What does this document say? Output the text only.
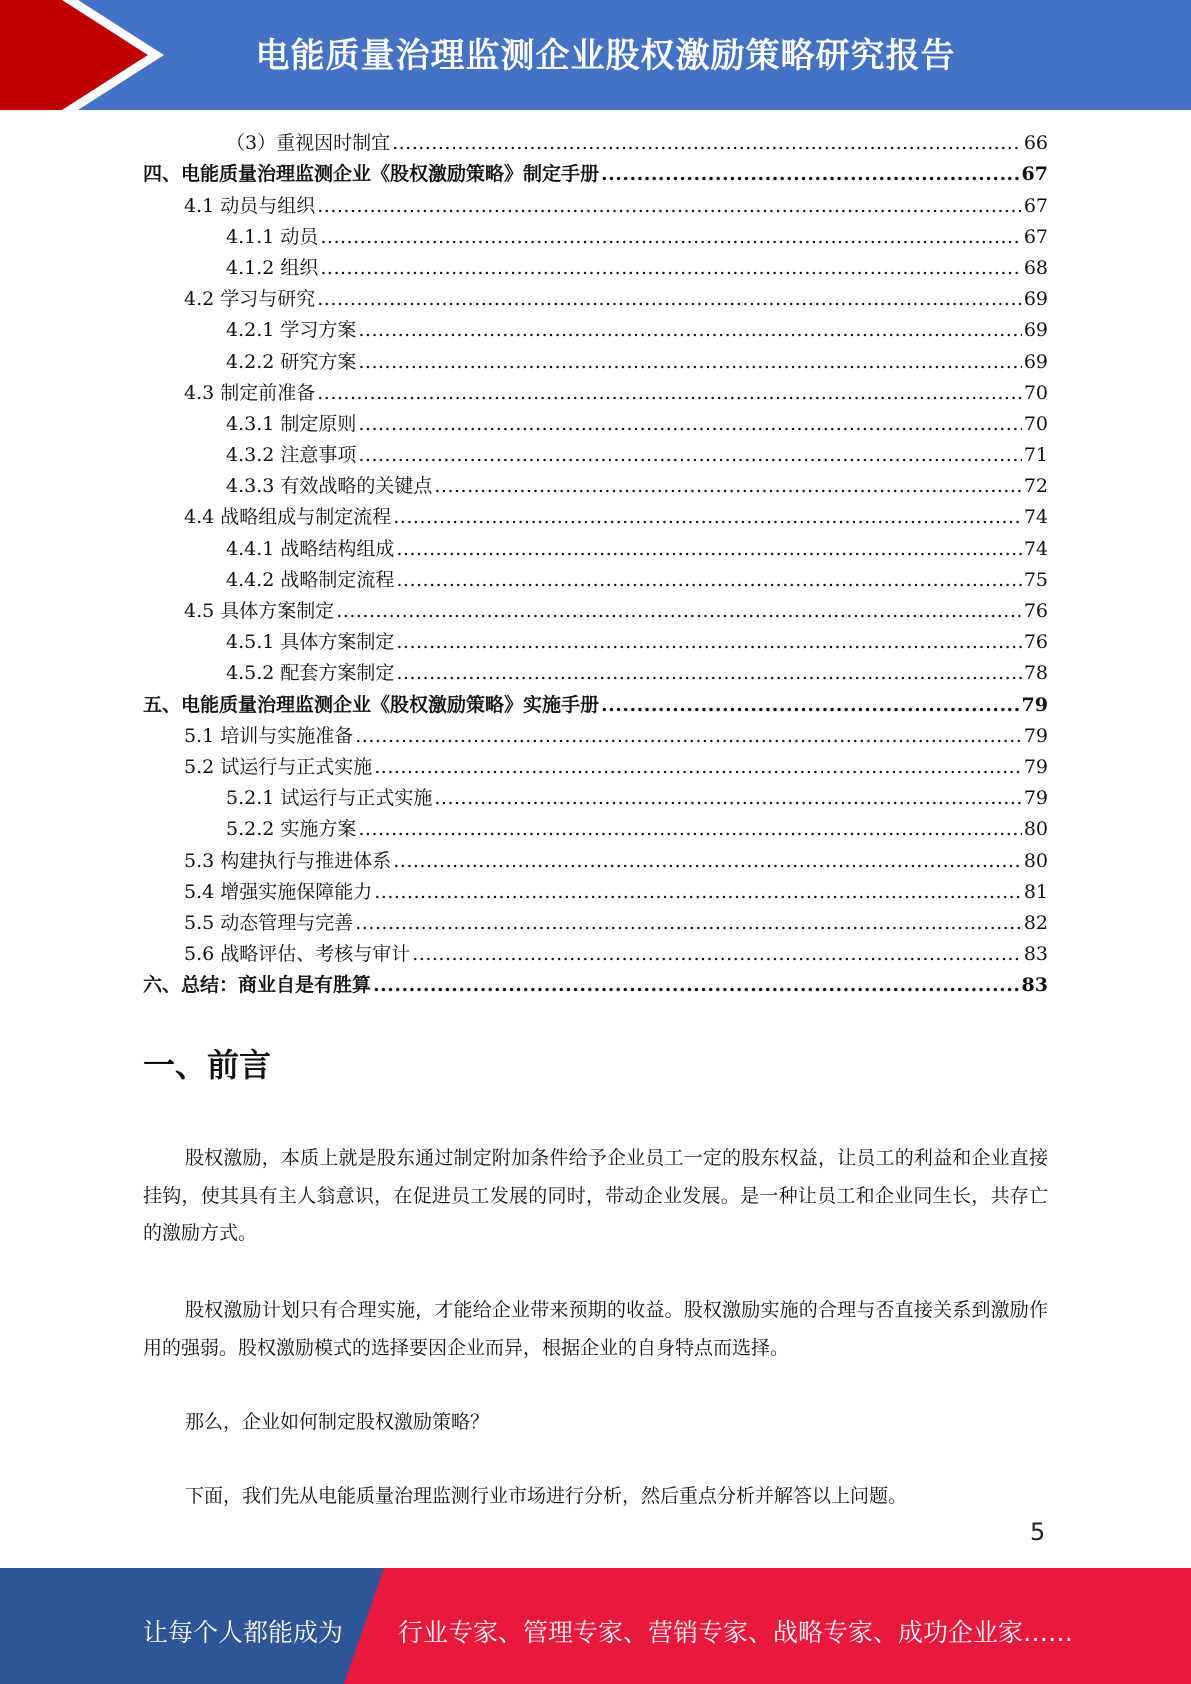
电能质量治理监测企业股权激励策略研究报告
（3）重视因时制宜 .....	66
四、电能质量治理监测企业《股权激励策略》制定手册 .....	67
4.1 动员与组织 .....	67
4.1.1 动员 .....	67
4.1.2 组织 .....	68
4.2 学习与研究 .....	69
4.2.1 学习方案 .....	69
4.2.2 研究方案 .....	69
4.3 制定前准备 .....	70
4.3.1 制定原则 .....	70
4.3.2 注意事项 .....	71
4.3.3 有效战略的关键点 .....	72
4.4 战略组成与制定流程 .....	74
4.4.1 战略结构组成 .....	74
4.4.2 战略制定流程 .....	75
4.5 具体方案制定 .....	76
4.5.1 具体方案制定 .....	76
4.5.2 配套方案制定 .....	78
五、电能质量治理监测企业《股权激励策略》实施手册 .....	79
5.1 培训与实施准备 .....	79
5.2 试运行与正式实施 .....	79
5.2.1 试运行与正式实施 .....	79
5.2.2 实施方案 .....	80
5.3 构建执行与推进体系 .....	80
5.4 增强实施保障能力 .....	81
5.5 动态管理与完善 .....	82
5.6 战略评估、考核与审计 .....	83
六、总结：商业自是有胜算 .....	83
一、前言
股权激励，本质上就是股东通过制定附加条件给予企业员工一定的股东权益，让员工的利益和企业直接挂钩，使其具有主人翁意识，在促进员工发展的同时，带动企业发展。是一种让员工和企业同生长，共存亡的激励方式。
股权激励计划只有合理实施，才能给企业带来预期的收益。股权激励实施的合理与否直接关系到激励作用的强弱。股权激励模式的选择要因企业而异，根据企业的自身特点而选择。
那么，企业如何制定股权激励策略？
下面，我们先从电能质量治理监测行业市场进行分析，然后重点分析并解答以上问题。
5
让每个人都能成为 行业专家、管理专家、营销专家、战略专家、成功企业家……
